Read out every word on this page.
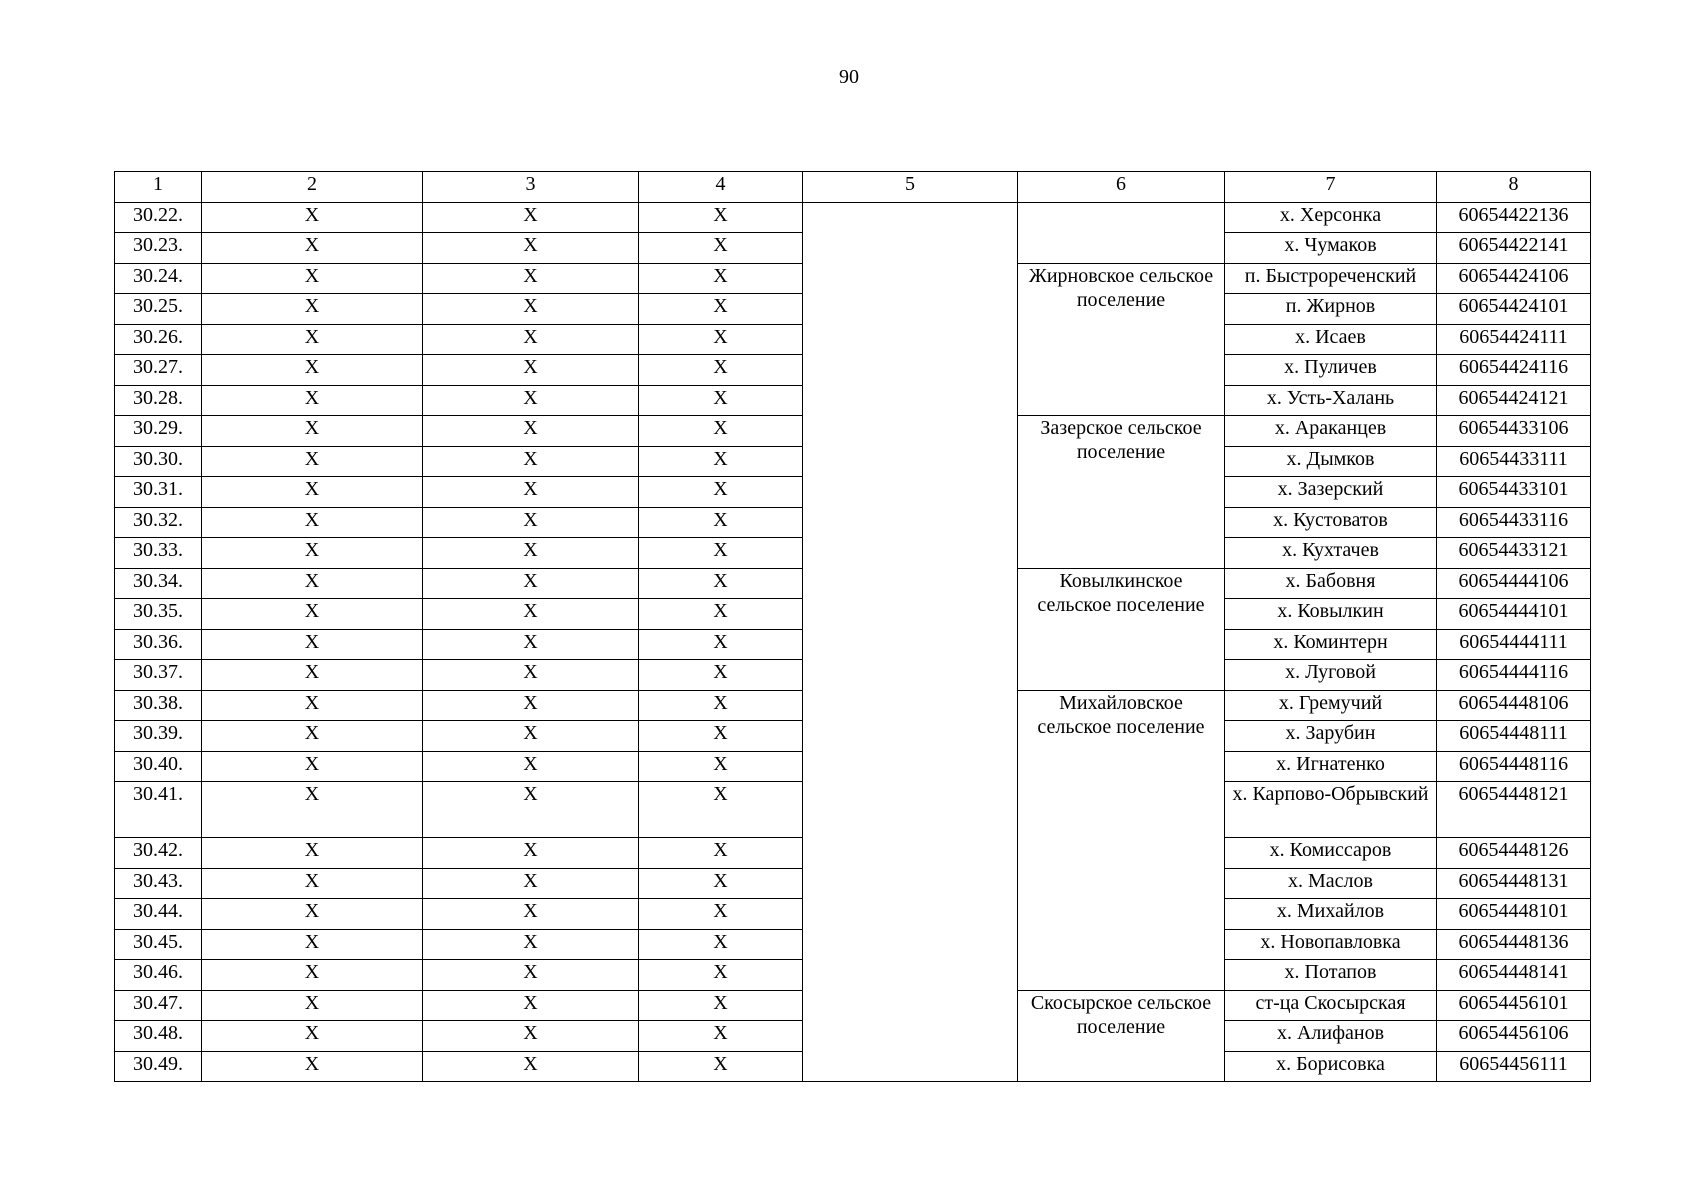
90
1	2	3	4	5	6	7	8
30.22.	X	X	X			х. Херсонка	60654422136
30.23.	X	X	X			х. Чумаков	60654422141
30.24.	X	X	X		Жирновское сельское поселение	п. Быстрореченский	60654424106
30.25.	X	X	X			п. Жирнов	60654424101
30.26.	X	X	X			х. Исаев	60654424111
30.27.	X	X	X			х. Пуличев	60654424116
30.28.	X	X	X			х. Усть-Халань	60654424121
30.29.	X	X	X		Зазерское сельское поселение	х. Араканцев	60654433106
30.30.	X	X	X			х. Дымков	60654433111
30.31.	X	X	X			х. Зазерский	60654433101
30.32.	X	X	X			х. Кустоватов	60654433116
30.33.	X	X	X			х. Кухтачев	60654433121
30.34.	X	X	X		Ковылкинское сельское поселение	х. Бабовня	60654444106
30.35.	X	X	X			х. Ковылкин	60654444101
30.36.	X	X	X			х. Коминтерн	60654444111
30.37.	X	X	X			х. Луговой	60654444116
30.38.	X	X	X		Михайловское сельское поселение	х. Гремучий	60654448106
30.39.	X	X	X			х. Зарубин	60654448111
30.40.	X	X	X			х. Игнатенко	60654448116
30.41.	X	X	X			х. Карпово-Обрывский	60654448121
30.42.	X	X	X			х. Комиссаров	60654448126
30.43.	X	X	X			х. Маслов	60654448131
30.44.	X	X	X			х. Михайлов	60654448101
30.45.	X	X	X			х. Новопавловка	60654448136
30.46.	X	X	X			х. Потапов	60654448141
30.47.	X	X	X		Скосырское сельское поселение	ст-ца Скосырская	60654456101
30.48.	X	X	X			х. Алифанов	60654456106
30.49.	X	X	X			х. Борисовка	60654456111
